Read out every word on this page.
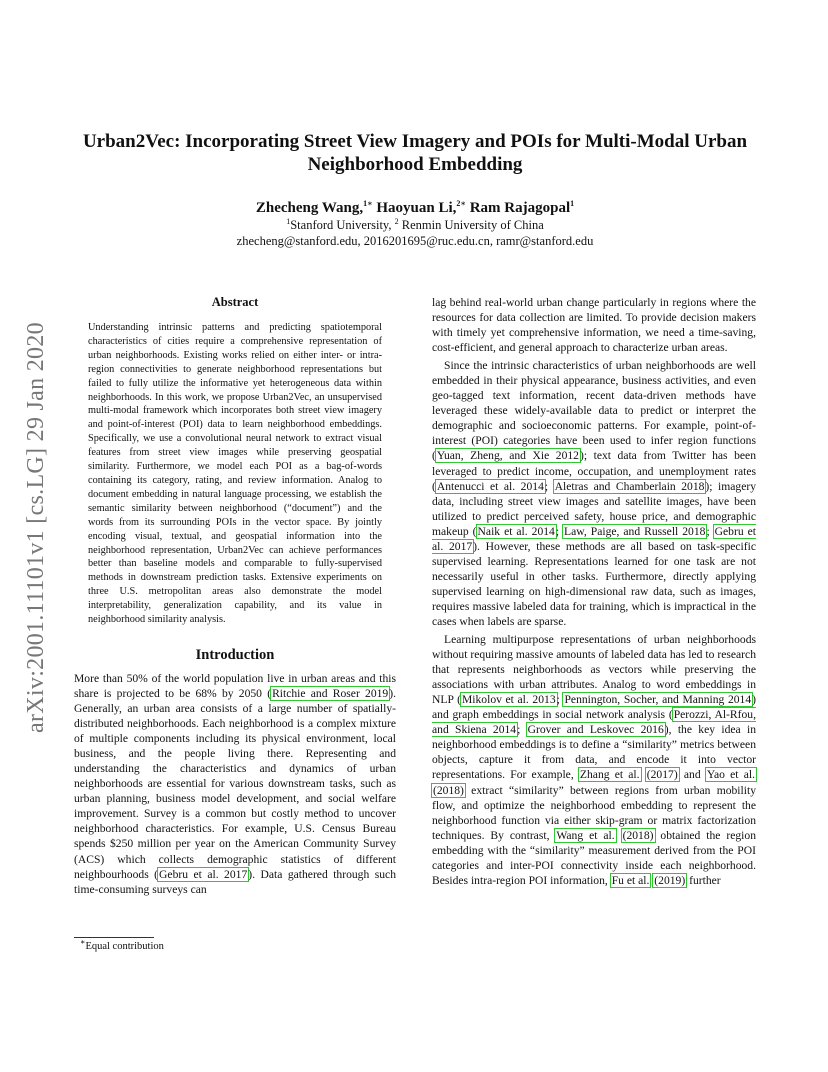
arXiv:2001.11101v1 [cs.LG] 29 Jan 2020
Urban2Vec: Incorporating Street View Imagery and POIs for Multi-Modal Urban Neighborhood Embedding
Zhecheng Wang,$^{1∗}$ Haoyuan Li,$^{2∗}$ Ram Rajagopal$^1$
$^1$Stanford University, $^2$ Renmin University of China
zhecheng@stanford.edu, 2016201695@ruc.edu.cn, ramr@stanford.edu
Abstract

Understanding intrinsic patterns and predicting spatiotemporal characteristics of cities require a comprehensive representation of urban neighborhoods. Existing works relied on either inter- or intra-region connectivities to generate neighborhood representations but failed to fully utilize the informative yet heterogeneous data within neighborhoods. In this work, we propose Urban2Vec, an unsupervised multi-modal framework which incorporates both street view imagery and point-of-interest (POI) data to learn neighborhood embeddings. Specifically, we use a convolutional neural network to extract visual features from street view images while preserving geospatial similarity. Furthermore, we model each POI as a bag-of-words containing its category, rating, and review information. Analog to document embedding in natural language processing, we establish the semantic similarity between neighborhood (“document”) and the words from its surrounding POIs in the vector space. By jointly encoding visual, textual, and geospatial information into the neighborhood representation, Urban2Vec can achieve performances better than baseline models and comparable to fully-supervised methods in downstream prediction tasks. Extensive experiments on three U.S. metropolitan areas also demonstrate the model interpretability, generalization capability, and its value in neighborhood similarity analysis.

Introduction

More than 50% of the world population live in urban areas and this share is projected to be 68% by 2050 (Ritchie and Roser 2019). Generally, an urban area consists of a large number of spatially-distributed neighborhoods. Each neighborhood is a complex mixture of multiple components including its physical environment, local business, and the people living there. Representing and understanding the characteristics and dynamics of urban neighborhoods are essential for various downstream tasks, such as urban planning, business model development, and social welfare improvement. Survey is a common but costly method to uncover neighborhood characteristics. For example, U.S. Census Bureau spends $250 million per year on the American Community Survey (ACS) which collects demographic statistics of different neighbourhoods (Gebru et al. 2017). Data gathered through such time-consuming surveys can

lag behind real-world urban change particularly in regions where the resources for data collection are limited. To provide decision makers with timely yet comprehensive information, we need a time-saving, cost-efficient, and general approach to characterize urban areas.

Since the intrinsic characteristics of urban neighborhoods are well embedded in their physical appearance, business activities, and even geo-tagged text information, recent data-driven methods have leveraged these widely-available data to predict or interpret the demographic and socioeconomic patterns. For example, point-of-interest (POI) categories have been used to infer region functions (Yuan, Zheng, and Xie 2012); text data from Twitter has been leveraged to predict income, occupation, and unemployment rates (Antenucci et al. 2014; Aletras and Chamberlain 2018); imagery data, including street view images and satellite images, have been utilized to predict perceived safety, house price, and demographic makeup (Naik et al. 2014; Law, Paige, and Russell 2018; Gebru et al. 2017). However, these methods are all based on task-specific supervised learning. Representations learned for one task are not necessarily useful in other tasks. Furthermore, directly applying supervised learning on high-dimensional raw data, such as images, requires massive labeled data for training, which is impractical in the cases when labels are sparse.

Learning multipurpose representations of urban neighborhoods without requiring massive amounts of labeled data has led to research that represents neighborhoods as vectors while preserving the associations with urban attributes. Analog to word embeddings in NLP (Mikolov et al. 2013; Pennington, Socher, and Manning 2014) and graph embeddings in social network analysis (Perozzi, Al-Rfou, and Skiena 2014; Grover and Leskovec 2016), the key idea in neighborhood embeddings is to define a “similarity” metrics between objects, capture it from data, and encode it into vector representations. For example, Zhang et al. (2017) and Yao et al. (2018) extract “similarity” between regions from urban mobility flow, and optimize the neighborhood embedding to represent the neighborhood function via either skip-gram or matrix factorization techniques. By contrast, Wang et al. (2018) obtained the region embedding with the “similarity” measurement derived from the POI categories and inter-POI connectivity inside each neighborhood. Besides intra-region POI information, Fu et al. (2019) further

∗Equal contribution
